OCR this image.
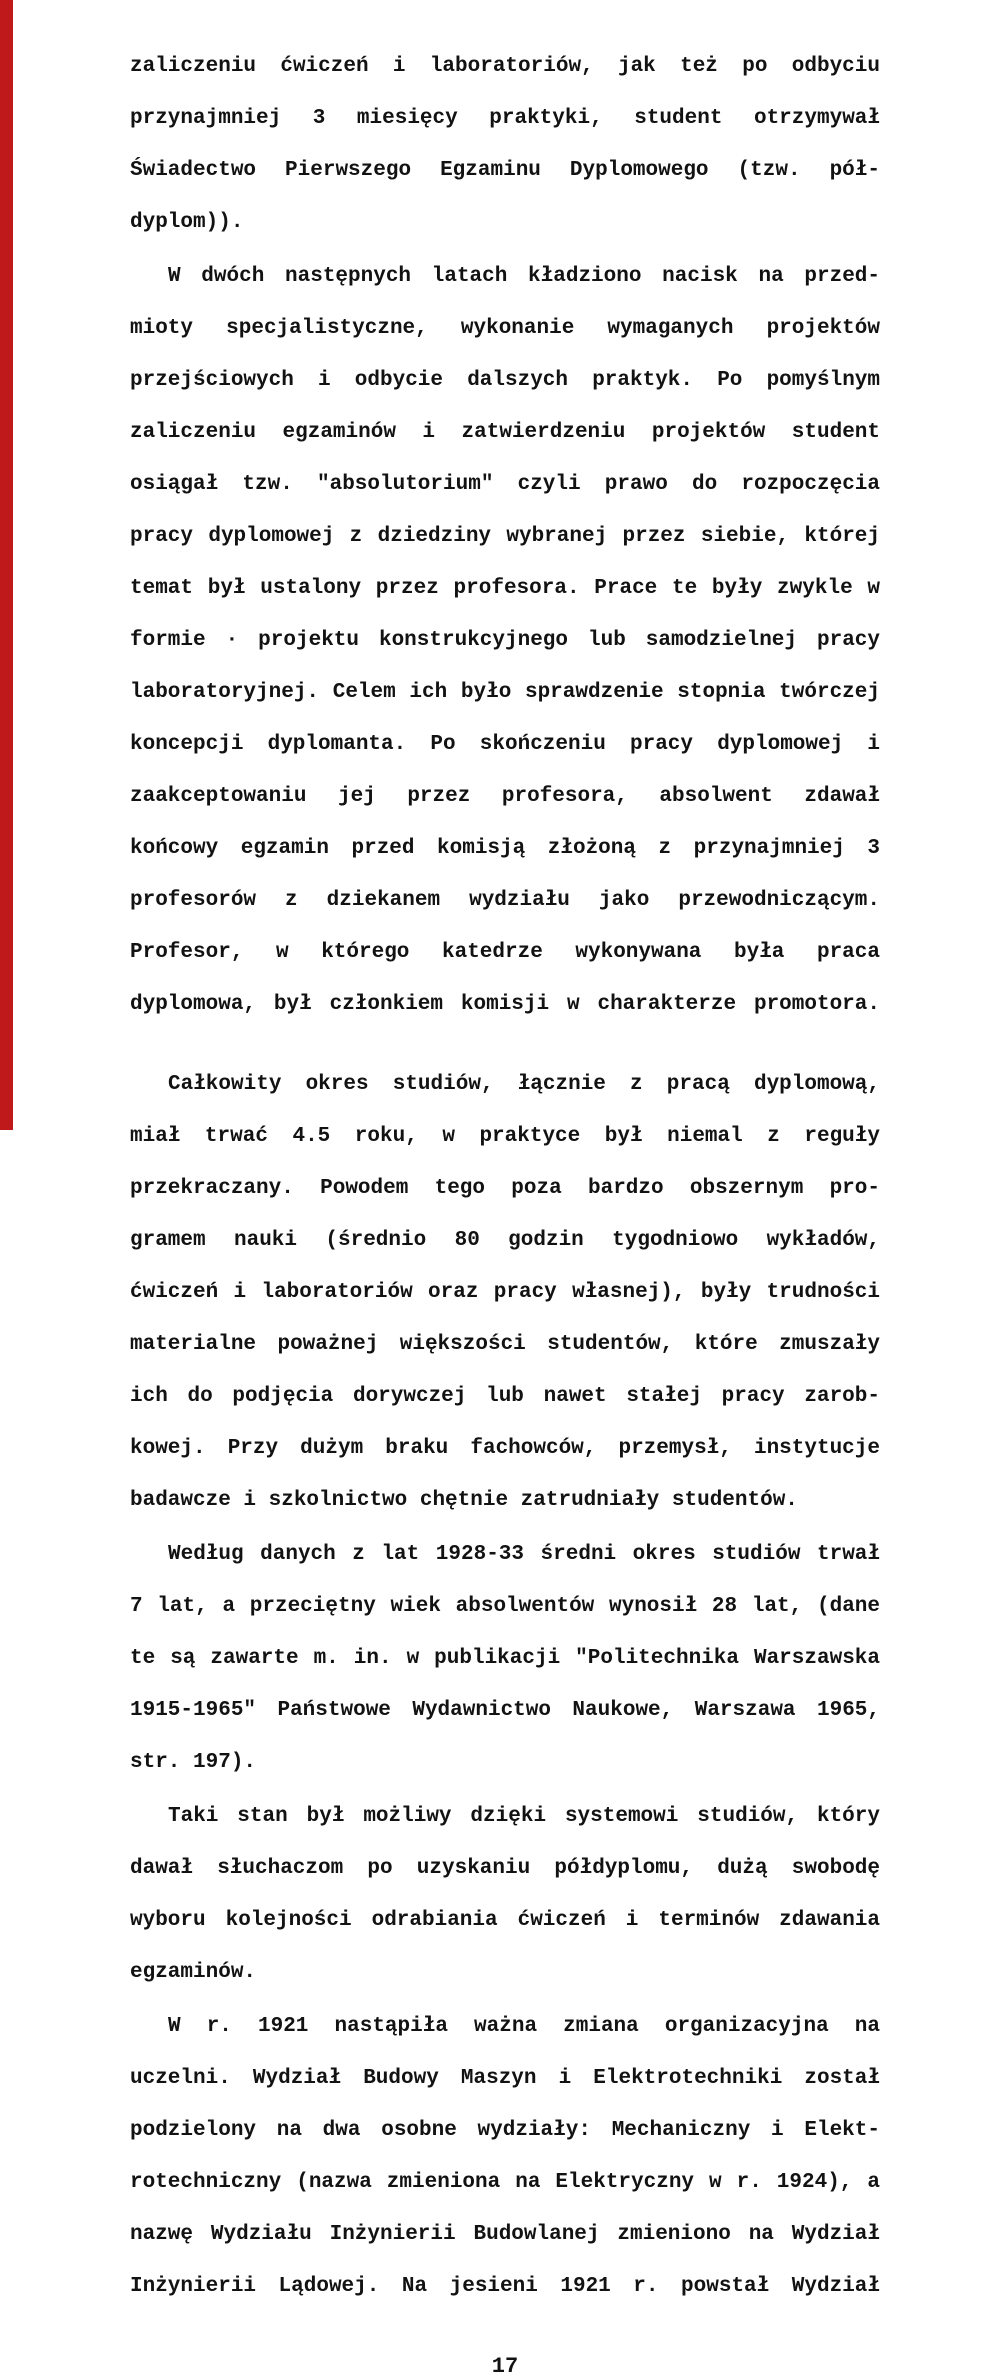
zaliczeniu ćwiczeń i laboratoriów, jak też po odbyciu
przynajmniej 3 miesięcy praktyki, student otrzymywał
Świadectwo Pierwszego Egzaminu Dyplomowego (tzw. pół-
dyplom)).
W dwóch następnych latach kładziono nacisk na przed-
mioty specjalistyczne, wykonanie wymaganych projektów
przejściowych i odbycie dalszych praktyk. Po pomyślnym
zaliczeniu egzaminów i zatwierdzeniu projektów student
osiągał tzw. "absolutorium" czyli prawo do rozpoczęcia
pracy dyplomowej z dziedziny wybranej przez siebie, której
temat był ustalony przez profesora. Prace te były zwykle w
formie · projektu konstrukcyjnego lub samodzielnej pracy
laboratoryjnej. Celem ich było sprawdzenie stopnia twórczej
koncepcji dyplomanta. Po skończeniu pracy dyplomowej i
zaakceptowaniu jej przez profesora, absolwent zdawał
końcowy egzamin przed komisją złożoną z przynajmniej 3
profesorów z dziekanem wydziału jako przewodniczącym.
Profesor, w którego katedrze wykonywana była praca
dyplomowa, był członkiem komisji w charakterze promotora.
Całkowity okres studiów, łącznie z pracą dyplomową,
miał trwać 4.5 roku, w praktyce był niemal z reguły
przekraczany. Powodem tego poza bardzo obszernym pro-
gramem nauki (średnio 80 godzin tygodniowo wykładów,
ćwiczeń i laboratoriów oraz pracy własnej), były trudności
materialne poważnej większości studentów, które zmuszały
ich do podjęcia dorywczej lub nawet stałej pracy zarob-
kowej. Przy dużym braku fachowców, przemysł, instytucje
badawcze i szkolnictwo chętnie zatrudniały studentów.
Według danych z lat 1928-33 średni okres studiów trwał
7 lat, a przeciętny wiek absolwentów wynosił 28 lat, (dane
te są zawarte m. in. w publikacji "Politechnika Warszawska
1915-1965" Państwowe Wydawnictwo Naukowe, Warszawa 1965,
str. 197).
Taki stan był możliwy dzięki systemowi studiów, który
dawał słuchaczom po uzyskaniu półdyplomu, dużą swobodę
wyboru kolejności odrabiania ćwiczeń i terminów zdawania
egzaminów.
W r. 1921 nastąpiła ważna zmiana organizacyjna na
uczelni. Wydział Budowy Maszyn i Elektrotechniki został
podzielony na dwa osobne wydziały: Mechaniczny i Elekt-
rotechniczny (nazwa zmieniona na Elektryczny w r. 1924), a
nazwę Wydziału Inżynierii Budowlanej zmieniono na Wydział
Inżynierii Lądowej. Na jesieni 1921 r. powstał Wydział
17
